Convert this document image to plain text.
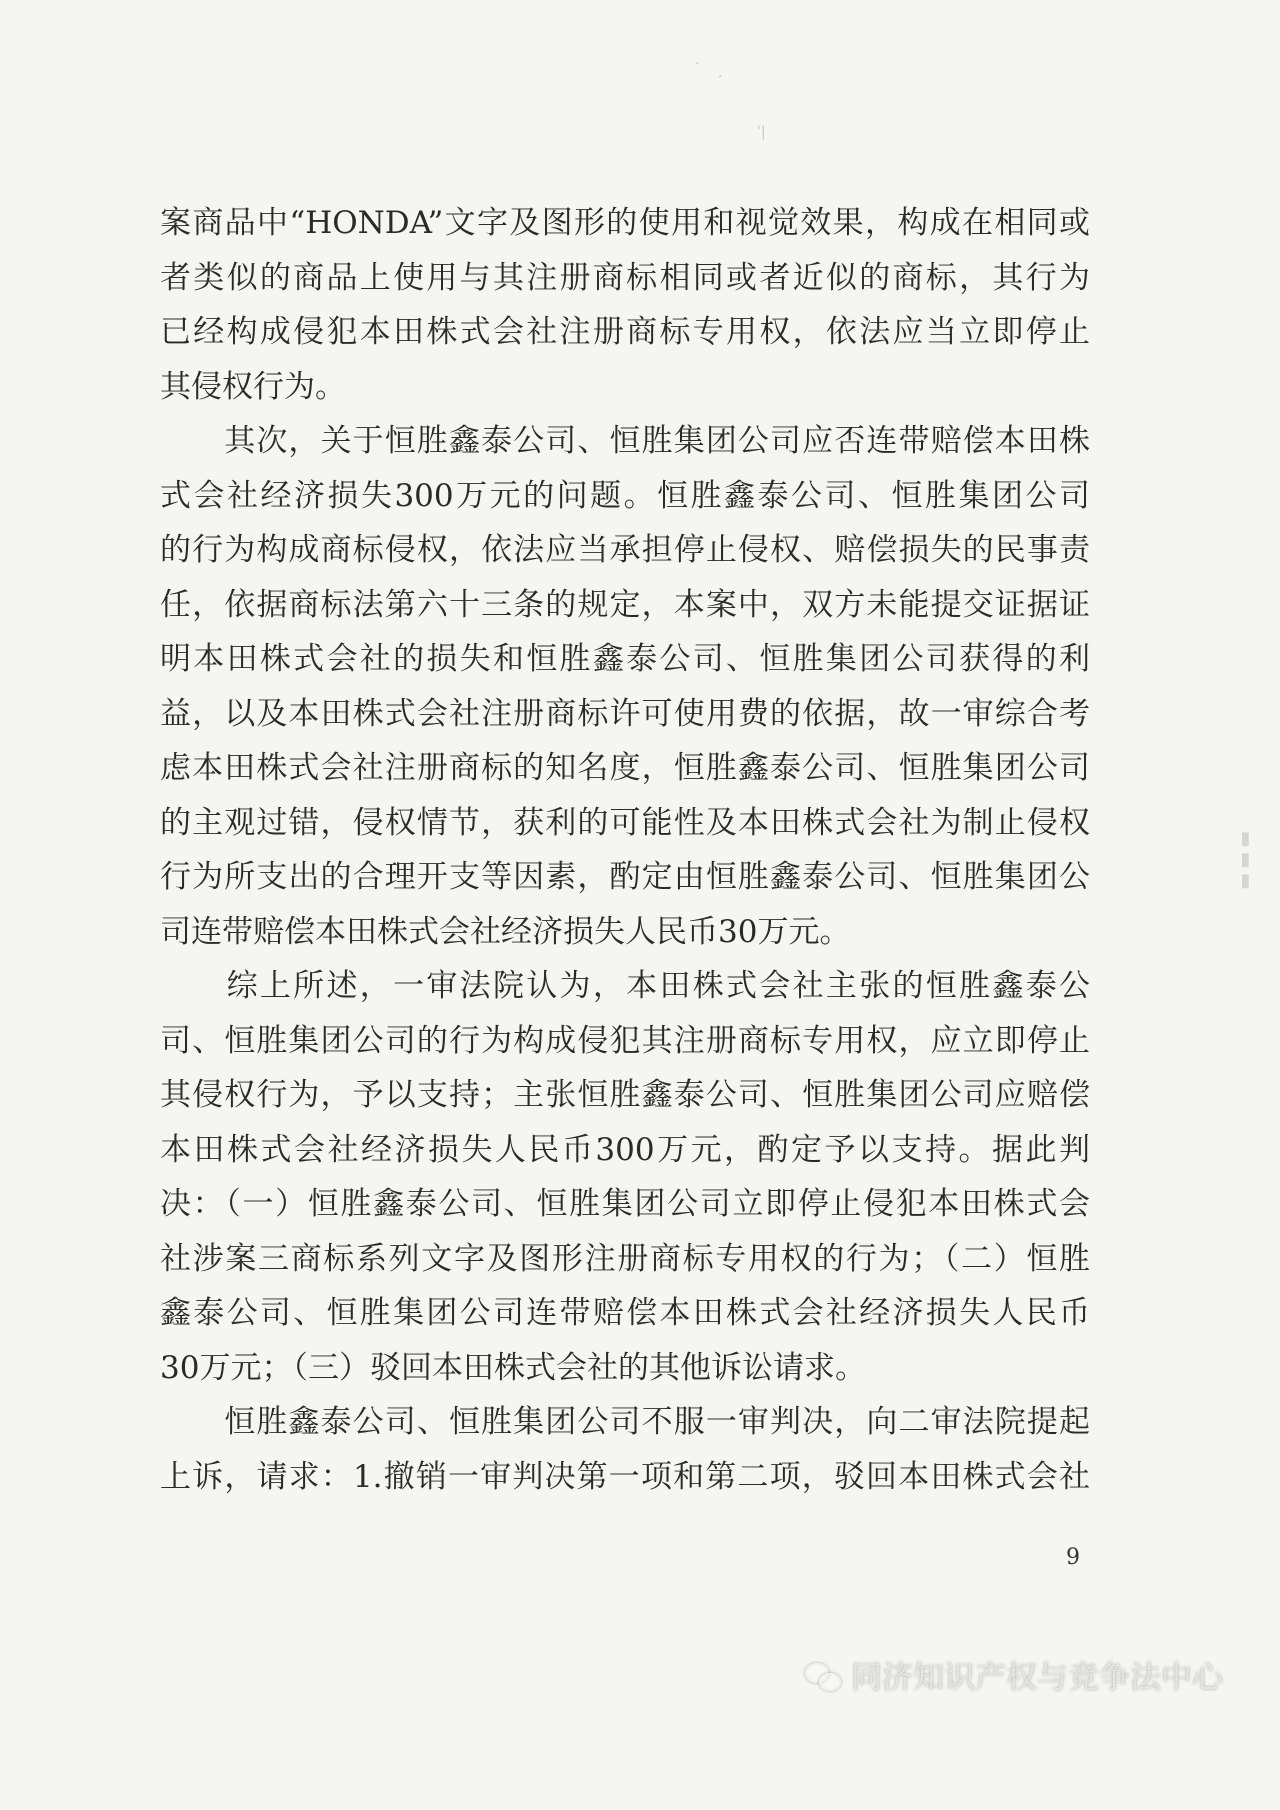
·
ˊ
'|
案商品中“HONDA”文字及图形的使用和视觉效果，构成在相同或
者类似的商品上使用与其注册商标相同或者近似的商标，其行为
已经构成侵犯本田株式会社注册商标专用权，依法应当立即停止
其侵权行为。
　　其次，关于恒胜鑫泰公司、恒胜集团公司应否连带赔偿本田株
式会社经济损失300万元的问题。恒胜鑫泰公司、恒胜集团公司
的行为构成商标侵权，依法应当承担停止侵权、赔偿损失的民事责
任，依据商标法第六十三条的规定，本案中，双方未能提交证据证
明本田株式会社的损失和恒胜鑫泰公司、恒胜集团公司获得的利
益，以及本田株式会社注册商标许可使用费的依据，故一审综合考
虑本田株式会社注册商标的知名度，恒胜鑫泰公司、恒胜集团公司
的主观过错，侵权情节，获利的可能性及本田株式会社为制止侵权
行为所支出的合理开支等因素，酌定由恒胜鑫泰公司、恒胜集团公
司连带赔偿本田株式会社经济损失人民币30万元。
　　综上所述，一审法院认为，本田株式会社主张的恒胜鑫泰公
司、恒胜集团公司的行为构成侵犯其注册商标专用权，应立即停止
其侵权行为，予以支持；主张恒胜鑫泰公司、恒胜集团公司应赔偿
本田株式会社经济损失人民币300万元，酌定予以支持。据此判
决：（一）恒胜鑫泰公司、恒胜集团公司立即停止侵犯本田株式会
社涉案三商标系列文字及图形注册商标专用权的行为；（二）恒胜
鑫泰公司、恒胜集团公司连带赔偿本田株式会社经济损失人民币
30万元；（三）驳回本田株式会社的其他诉讼请求。
　　恒胜鑫泰公司、恒胜集团公司不服一审判决，向二审法院提起
上诉，请求：1.撤销一审判决第一项和第二项，驳回本田株式会社
9
▮▮▮
同济知识产权与竞争法中心
